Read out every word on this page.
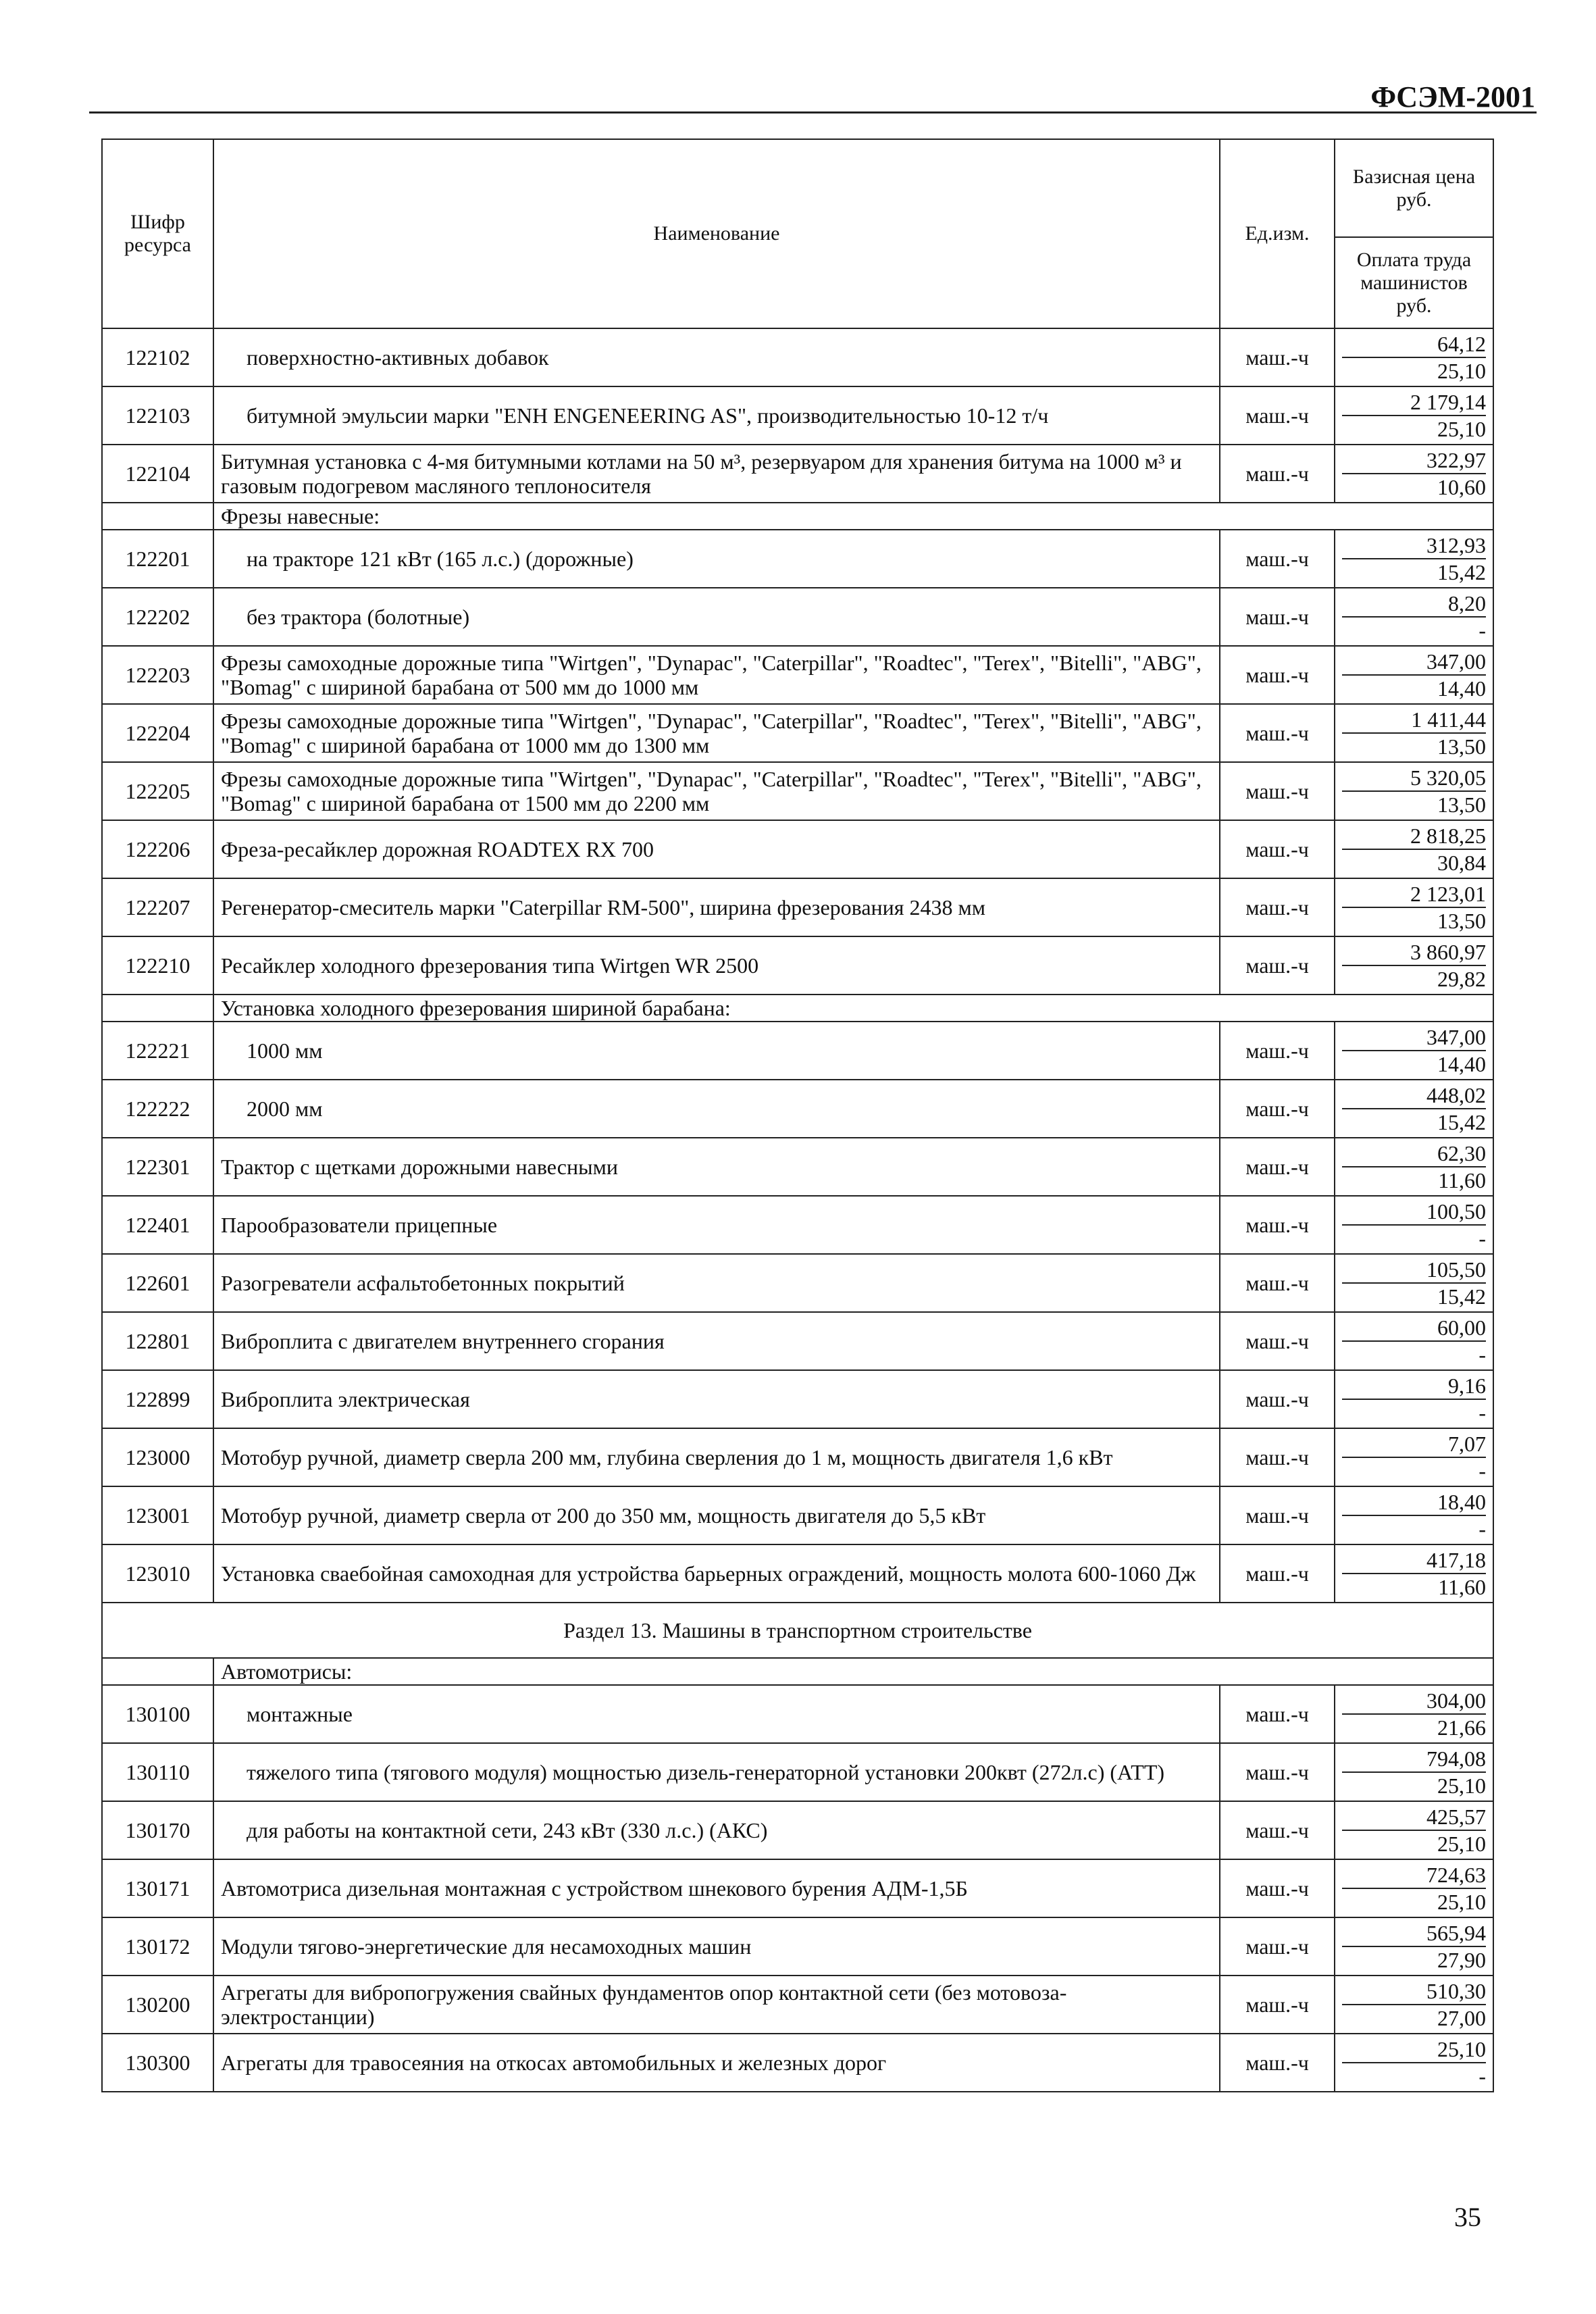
ФСЭМ-2001
Шифр ресурса	Наименование	Ед.изм.	Базисная цена руб.
			Оплата труда машинистов руб.
122102	поверхностно-активных добавок	маш.-ч	64,12
25,10

122103	битумной эмульсии марки "ENH ENGENEERING AS", производительностью 10-12 т/ч	маш.-ч	2 179,14
25,10

122104	Битумная установка с 4-мя битумными котлами на 50 м³, резервуаром для хранения битума на 1000 м³ и газовым подогревом масляного теплоносителя	маш.-ч	322,97
10,60

	Фрезы навесные:		
122201	на тракторе 121 кВт (165 л.с.) (дорожные)	маш.-ч	312,93
15,42

122202	без трактора (болотные)	маш.-ч	8,20
-

122203	Фрезы самоходные дорожные типа "Wirtgen", "Dynapac", "Caterpillar", "Roadtec", "Terex", "Bitelli", "ABG", "Bomag" с шириной барабана от 500 мм до 1000 мм	маш.-ч	347,00
14,40

122204	Фрезы самоходные дорожные типа "Wirtgen", "Dynapac", "Caterpillar", "Roadtec", "Terex", "Bitelli", "ABG", "Bomag" с шириной барабана от 1000 мм до 1300 мм	маш.-ч	1 411,44
13,50

122205	Фрезы самоходные дорожные типа "Wirtgen", "Dynapac", "Caterpillar", "Roadtec", "Terex", "Bitelli", "ABG", "Bomag" с шириной барабана от 1500 мм до 2200 мм	маш.-ч	5 320,05
13,50

122206	Фреза-ресайклер дорожная ROADTEX RX 700	маш.-ч	2 818,25
30,84

122207	Регенератор-смеситель марки "Caterpillar RM-500", ширина фрезерования 2438 мм	маш.-ч	2 123,01
13,50

122210	Ресайклер холодного фрезерования типа Wirtgen WR 2500	маш.-ч	3 860,97
29,82

	Установка холодного фрезерования шириной барабана:		
122221	1000 мм	маш.-ч	347,00
14,40

122222	2000 мм	маш.-ч	448,02
15,42

122301	Трактор с щетками дорожными навесными	маш.-ч	62,30
11,60

122401	Парообразователи прицепные	маш.-ч	100,50
-

122601	Разогреватели асфальтобетонных покрытий	маш.-ч	105,50
15,42

122801	Виброплита с двигателем внутреннего сгорания	маш.-ч	60,00
-

122899	Виброплита электрическая	маш.-ч	9,16
-

123000	Мотобур ручной, диаметр сверла 200 мм, глубина сверления до 1 м, мощность двигателя 1,6 кВт	маш.-ч	7,07
-

123001	Мотобур ручной, диаметр сверла от 200 до 350 мм, мощность двигателя до 5,5 кВт	маш.-ч	18,40
-

123010	Установка сваебойная самоходная для устройства барьерных ограждений, мощность молота 600-1060 Дж	маш.-ч	417,18
11,60

Раздел 13. Машины в транспортном строительстве			
	Автомотрисы:		
130100	монтажные	маш.-ч	304,00
21,66

130110	тяжелого типа (тягового модуля) мощностью дизель-генераторной установки 200квт (272л.с) (АТТ)	маш.-ч	794,08
25,10

130170	для работы на контактной сети, 243 кВт (330 л.с.) (АКС)	маш.-ч	425,57
25,10

130171	Автомотриса дизельная монтажная с устройством шнекового бурения АДМ-1,5Б	маш.-ч	724,63
25,10

130172	Модули тягово-энергетические для несамоходных машин	маш.-ч	565,94
27,90

130200	Агрегаты для вибропогружения свайных фундаментов опор контактной сети (без мотовоза-электростанции)	маш.-ч	510,30
27,00

130300	Агрегаты для травосеяния на откосах автомобильных и железных дорог	маш.-ч	25,10
-
35
